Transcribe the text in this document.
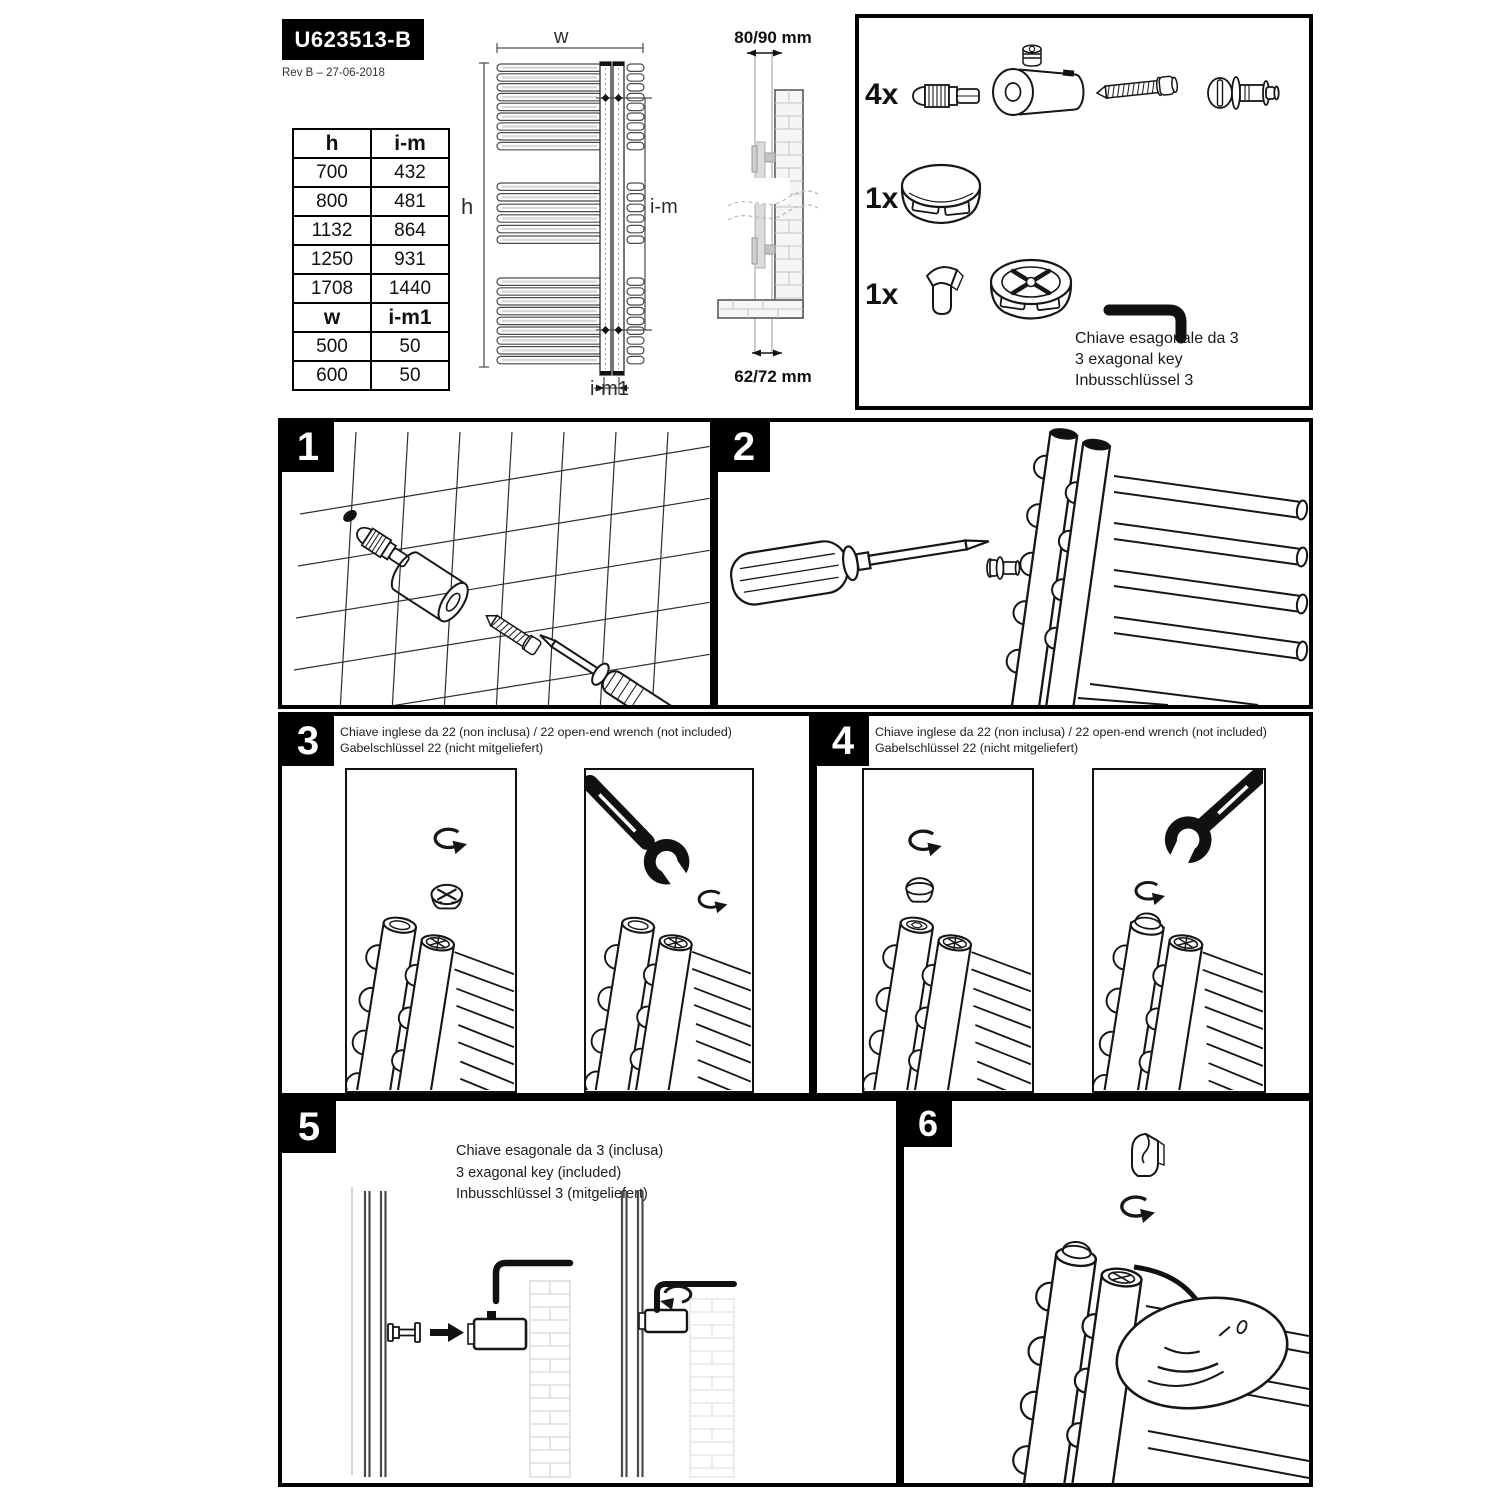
U623513-B
Rev B – 27-06-2018
h	i-m
700	432
800	481
1132	864
1250	931
1708	1440
w	i-m1
500	50
600	50
w
h	i-m
i-m1
80/90 mm
62/72 mm
4x
1x
1x
Chiave esagonale da 3
3 exagonal key
Inbusschlüssel 3
1	2
3	Chiave inglese da 22 (non inclusa) / 22 open-end wrench (not included)
Gabelschlüssel 22 (nicht mitgeliefert)	4	Chiave inglese da 22 (non inclusa) / 22 open-end wrench (not included)
Gabelschlüssel 22 (nicht mitgeliefert)
5
Chiave esagonale da 3 (inclusa)
3 exagonal key (included)
Inbusschlüssel 3 (mitgeliefert)
6
